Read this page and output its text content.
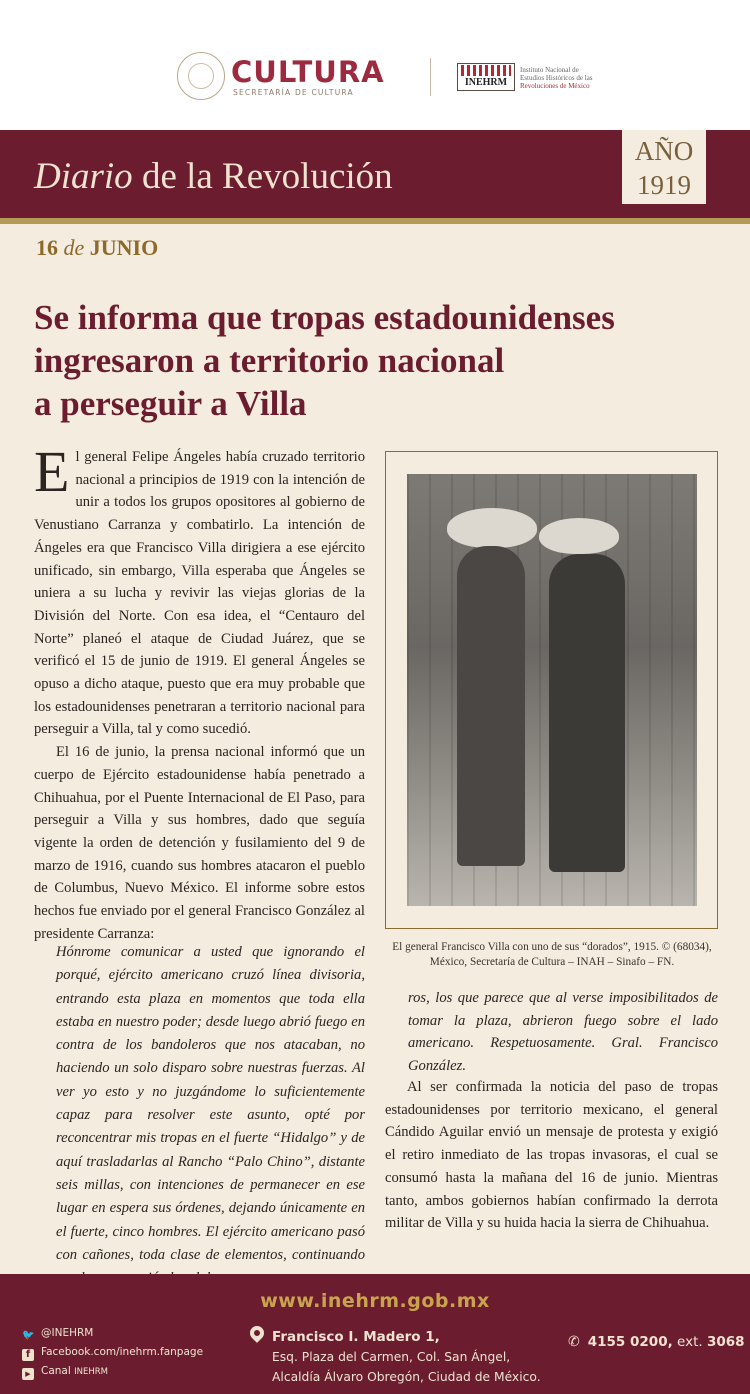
CULTURA
SECRETARÍA DE CULTURA
INEHRM
Instituto Nacional de
Estudios Históricos de las
Revoluciones de México
Diario de la Revolución
AÑO
1919
16 de JUNIO
Se informa que tropas estadounidenses
ingresaron a territorio nacional
a perseguir a Villa

El general Felipe Ángeles había cruzado territorio nacional a principios de 1919 con la intención de unir a todos los grupos opositores al gobierno de Venustiano Carranza y combatirlo. La intención de Ángeles era que Francisco Villa dirigiera a ese ejército unificado, sin embargo, Villa esperaba que Ángeles se uniera a su lucha y revivir las viejas glorias de la División del Norte. Con esa idea, el “Centauro del Norte” planeó el ataque de Ciudad Juárez, que se verificó el 15 de junio de 1919. El general Ángeles se opuso a dicho ataque, puesto que era muy probable que los estadounidenses penetraran a territorio nacional para perseguir a Villa, tal y como sucedió.

El 16 de junio, la prensa nacional informó que un cuerpo de Ejército estadounidense había penetrado a Chihuahua, por el Puente Internacional de El Paso, para perseguir a Villa y sus hombres, dado que seguía vigente la orden de detención y fusilamiento del 9 de marzo de 1916, cuando sus hombres atacaron el pueblo de Columbus, Nuevo México. El informe sobre estos hechos fue enviado por el general Francisco González al presidente Carranza:

Hónrome comunicar a usted que ignorando el porqué, ejército americano cruzó línea divisoria, entrando esta plaza en momentos que toda ella estaba en nuestro poder; desde luego abrió fuego en contra de los bandoleros que nos atacaban, no haciendo un solo disparo sobre nuestras fuerzas. Al ver yo esto y no juzgándome lo suficientemente capaz para resolver este asunto, opté por reconcentrar mis tropas en el fuerte “Hidalgo” y de aquí trasladarlas al Rancho “Palo Chino”, distante seis millas, con intenciones de permanecer en ese lugar en espera sus órdenes, dejando únicamente en el fuerte, cinco hombres. El ejército americano pasó con cañones, toda clase de elementos, continuando

El general Francisco Villa con uno de sus “dorados”, 1915. © (68034), México, Secretaría de Cultura – INAH – Sinafo – FN.

ros, los que parece que al verse imposibilitados de tomar la plaza, abrieron fuego sobre el lado americano. Respetuosamente. Gral. Francisco González.

Al ser confirmada la noticia del paso de tropas estadounidenses por territorio mexicano, el general Cándido Aguilar envió un mensaje de protesta y exigió el retiro inmediato de las tropas invasoras, el cual se consumó hasta la mañana del 16 de junio. Mientras tanto, ambos gobiernos habían confirmado la derrota militar de Villa y su huida hacia la sierra de Chihuahua.

www.inehrm.gob.mx
🐦 @INEHRM
f Facebook.com/inehrm.fanpage
▶ Canal INEHRM
Francisco I. Madero 1,
Esq. Plaza del Carmen, Col. San Ángel,
Alcaldía Álvaro Obregón, Ciudad de México.
✆ 4155 0200, ext. 3068
